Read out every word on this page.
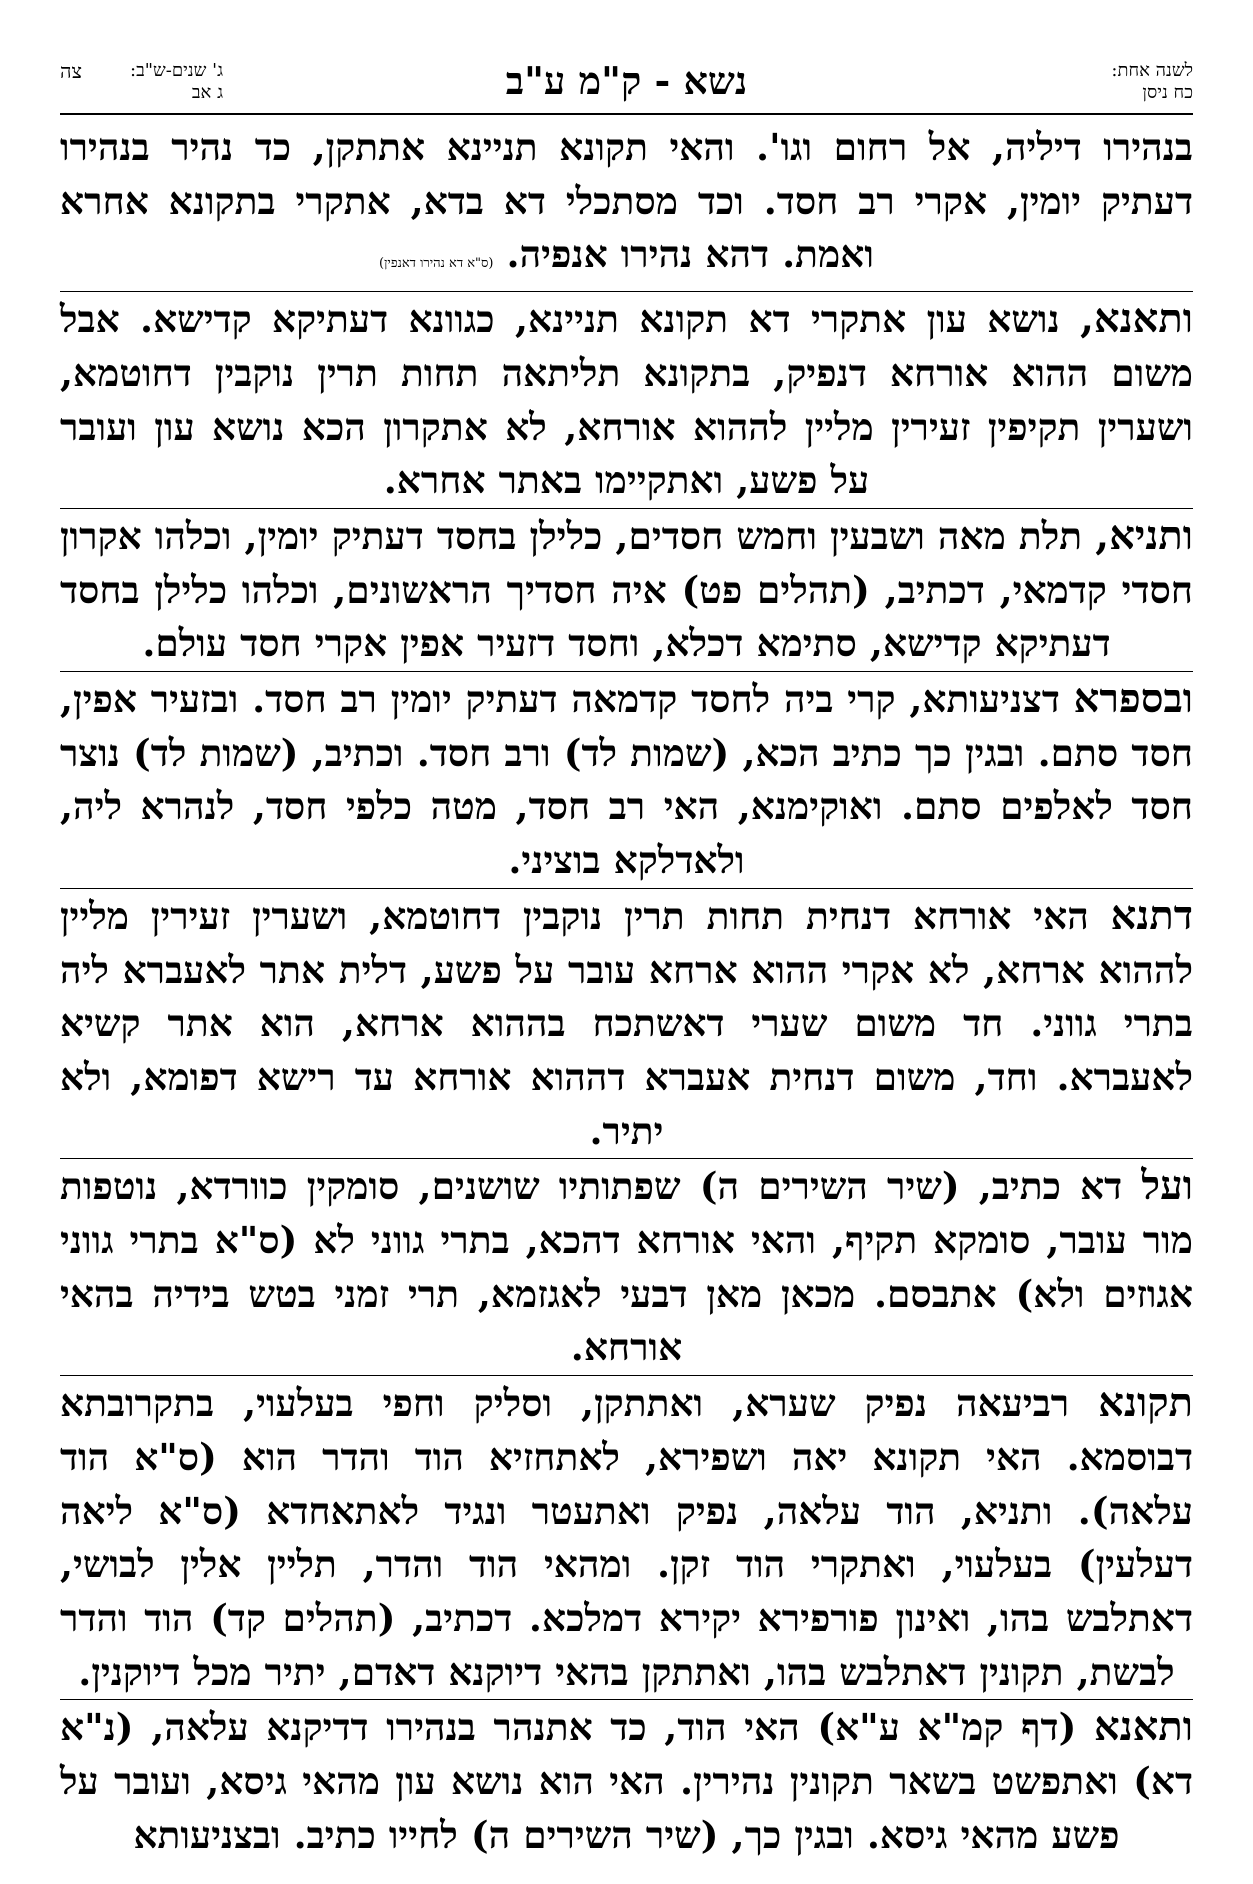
לשנה אחת:
כח ניסן
נשא - ק"מ ע"ב
ג' שנים-ש"ב:
ג אב
צה

בנהירו דיליה, אל רחום וגו'. והאי תקונא תניינא אתתקן, כד נהיר בנהירו דעתיק יומין, אקרי רב חסד. וכד מסתכלי דא בדא, אתקרי בתקונא אחרא ואמת. דהא נהירו אנפיה. (ס"א דא נהירו דאנפין)

ותאנא, נושא עון אתקרי דא תקונא תניינא, כגוונא דעתיקא קדישא. אבל משום ההוא אורחא דנפיק, בתקונא תליתאה תחות תרין נוקבין דחוטמא, ושערין תקיפין זעירין מליין לההוא אורחא, לא אתקרון הכא נושא עון ועובר על פשע, ואתקיימו באתר אחרא.

ותניא, תלת מאה ושבעין וחמש חסדים, כלילן בחסד דעתיק יומין, וכלהו אקרון חסדי קדמאי, דכתיב, (תהלים פט) איה חסדיך הראשונים, וכלהו כלילן בחסד דעתיקא קדישא, סתימא דכלא, וחסד דזעיר אפין אקרי חסד עולם.

ובספרא דצניעותא, קרי ביה לחסד קדמאה דעתיק יומין רב חסד. ובזעיר אפין, חסד סתם. ובגין כך כתיב הכא, (שמות לד) ורב חסד. וכתיב, (שמות לד) נוצר חסד לאלפים סתם. ואוקימנא, האי רב חסד, מטה כלפי חסד, לנהרא ליה, ולאדלקא בוציני.

דתנא האי אורחא דנחית תחות תרין נוקבין דחוטמא, ושערין זעירין מליין לההוא ארחא, לא אקרי ההוא ארחא עובר על פשע, דלית אתר לאעברא ליה בתרי גווני. חד משום שערי דאשתכח בההוא ארחא, הוא אתר קשיא לאעברא. וחד, משום דנחית אעברא דההוא אורחא עד רישא דפומא, ולא יתיר.

ועל דא כתיב, (שיר השירים ה) שפתותיו שושנים, סומקין כוורדא, נוטפות מור עובר, סומקא תקיף, והאי אורחא דהכא, בתרי גווני לא (ס"א בתרי גווני אגוזים ולא) אתבסם. מכאן מאן דבעי לאגזמא, תרי זמני בטש בידיה בהאי אורחא.

תקונא רביעאה נפיק שערא, ואתתקן, וסליק וחפי בעלעוי, בתקרובתא דבוסמא. האי תקונא יאה ושפירא, לאתחזיא הוד והדר הוא (ס"א הוד עלאה). ותניא, הוד עלאה, נפיק ואתעטר ונגיד לאתאחדא (ס"א ליאה דעלעין) בעלעוי, ואתקרי הוד זקן. ומהאי הוד והדר, תליין אלין לבושי, דאתלבש בהו, ואינון פורפירא יקירא דמלכא. דכתיב, (תהלים קד) הוד והדר לבשת, תקונין דאתלבש בהו, ואתתקן בהאי דיוקנא דאדם, יתיר מכל דיוקנין.

ותאנא (דף קמ"א ע"א) האי הוד, כד אתנהר בנהירו דדיקנא עלאה, (נ"א דא) ואתפשט בשאר תקונין נהירין. האי הוא נושא עון מהאי גיסא, ועובר על פשע מהאי גיסא. ובגין כך, (שיר השירים ה) לחייו כתיב. ובצניעותא
